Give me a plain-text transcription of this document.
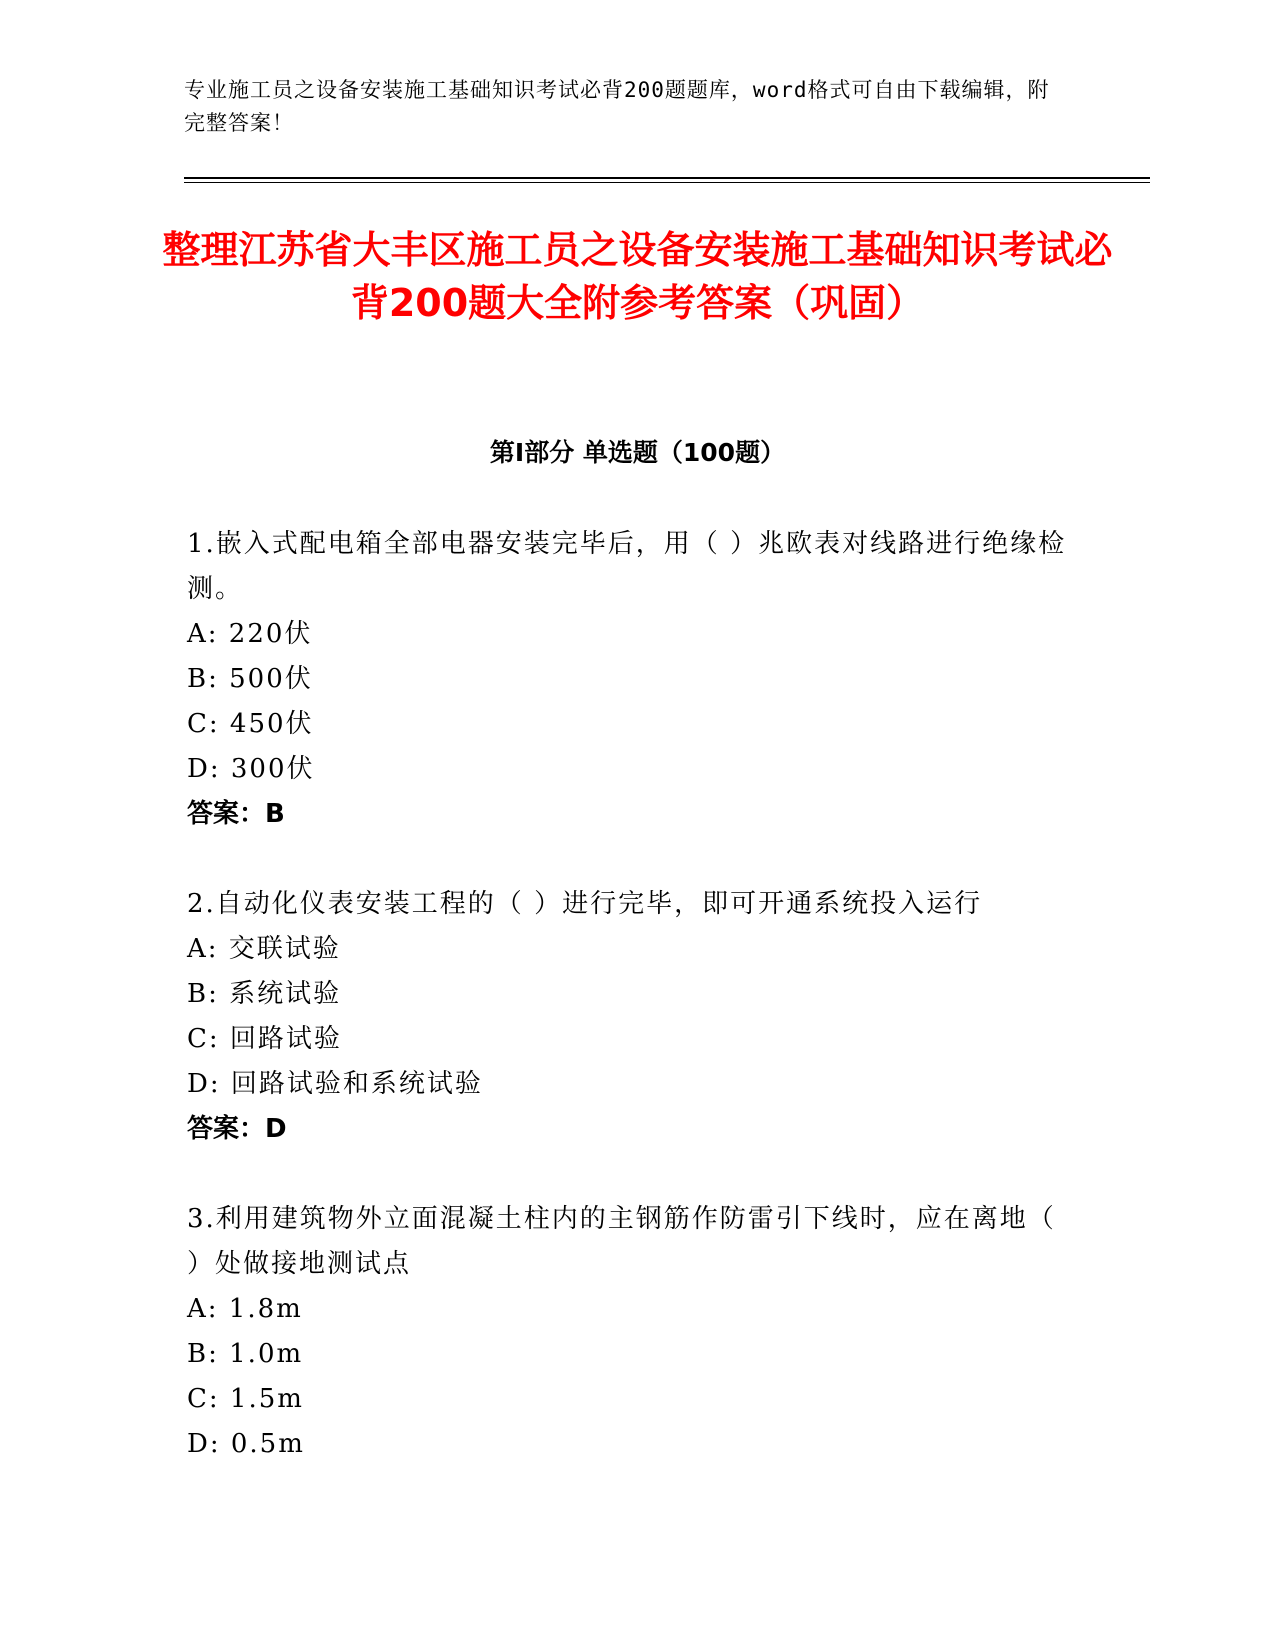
专业施工员之设备安装施工基础知识考试必背200题题库，word格式可自由下载编辑，附完整答案！
整理江苏省大丰区施工员之设备安装施工基础知识考试必背200题大全附参考答案（巩固）
第Ⅰ部分 单选题（100题）
1.嵌入式配电箱全部电器安装完毕后，用（ ）兆欧表对线路进行绝缘检测。
A: 220伏
B: 500伏
C: 450伏
D: 300伏
答案：B
2.自动化仪表安装工程的（ ）进行完毕，即可开通系统投入运行
A: 交联试验
B: 系统试验
C: 回路试验
D: 回路试验和系统试验
答案：D
3.利用建筑物外立面混凝土柱内的主钢筋作防雷引下线时，应在离地（ ）处做接地测试点
A: 1.8m
B: 1.0m
C: 1.5m
D: 0.5m
